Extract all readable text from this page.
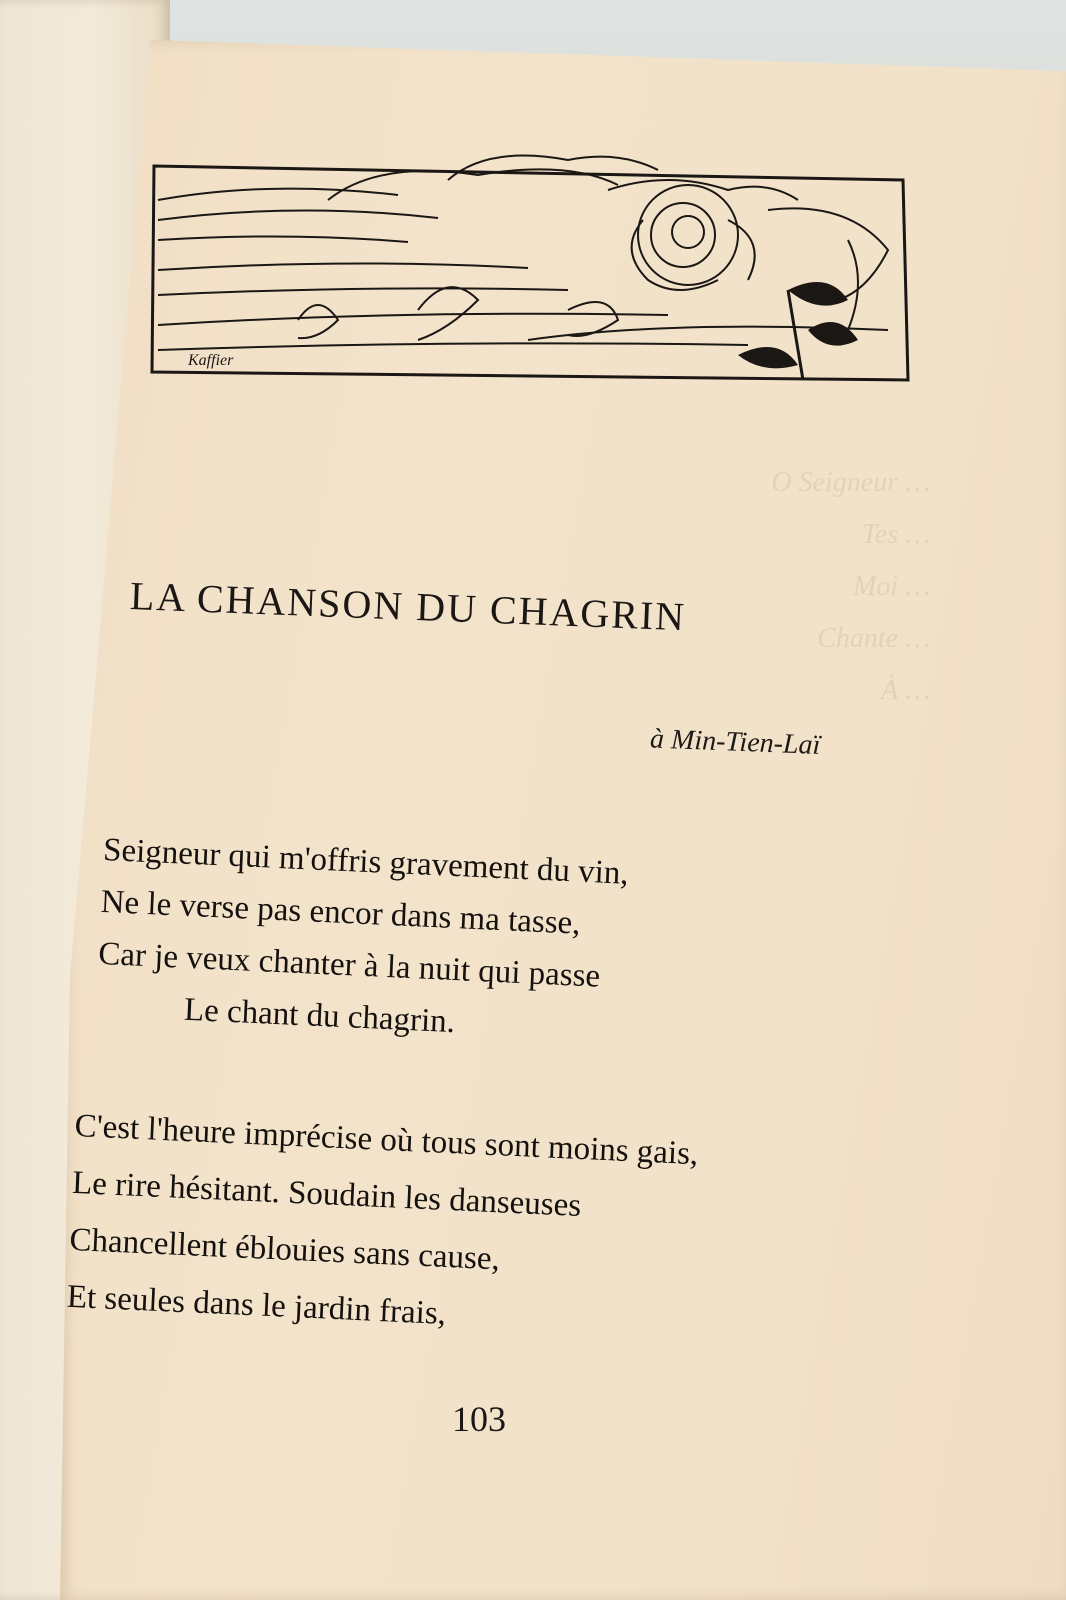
O Seigneur …
Tes …
Moi …
Chante …
À …

Kaffier
LA CHANSON DU CHAGRIN
à Min-Tien-Laï
Seigneur qui m'offris gravement du vin,
Ne le verse pas encor dans ma tasse,
Car je veux chanter à la nuit qui passe
Le chant du chagrin.
C'est l'heure imprécise où tous sont moins gais,
Le rire hésitant. Soudain les danseuses
Chancellent éblouies sans cause,
Et seules dans le jardin frais,
103
